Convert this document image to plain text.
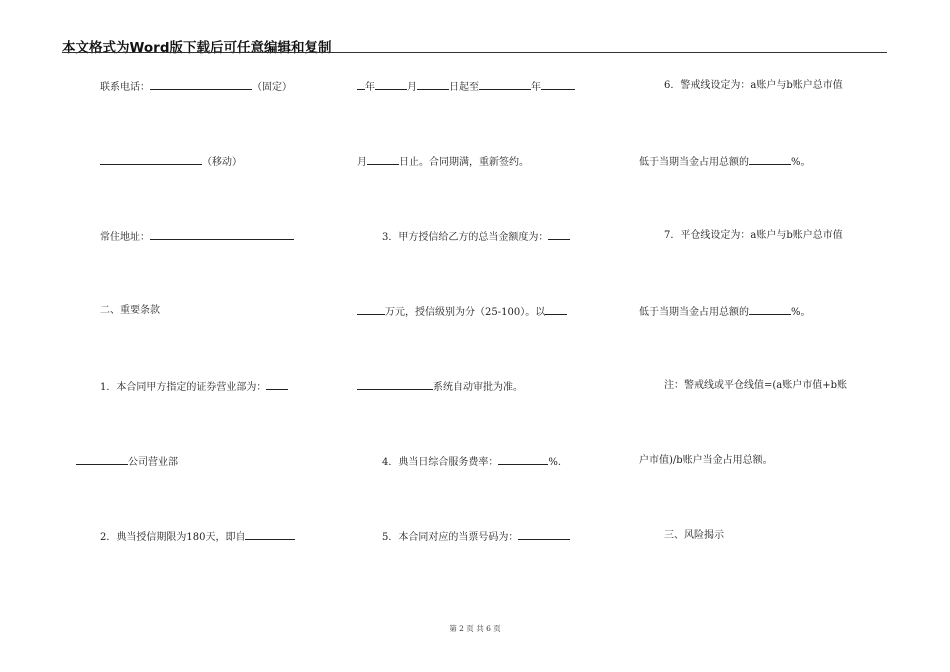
本文格式为Word版下载后可任意编辑和复制
联系电话：	（固定）
（移动）
常住地址：
二、重要条款
1．本合同甲方指定的证券营业部为：
公司营业部
2．典当授信期限为180天，即自
年	月	日起至	年
月	日止。合同期满，重新签约。
3．甲方授信给乙方的总当金额度为：
万元，授信级别为分（25-100）。以
系统自动审批为准。
4．典当日综合服务费率：	%.
5．本合同对应的当票号码为：
6．警戒线设定为：a账户与b账户总市值
低于当期当金占用总额的	%。
7．平仓线设定为：a账户与b账户总市值
低于当期当金占用总额的	%。
注：警戒线或平仓线值=(a账户市值+b账
户市值)/b账户当金占用总额。
三、风险揭示
第 2 页 共 6 页
